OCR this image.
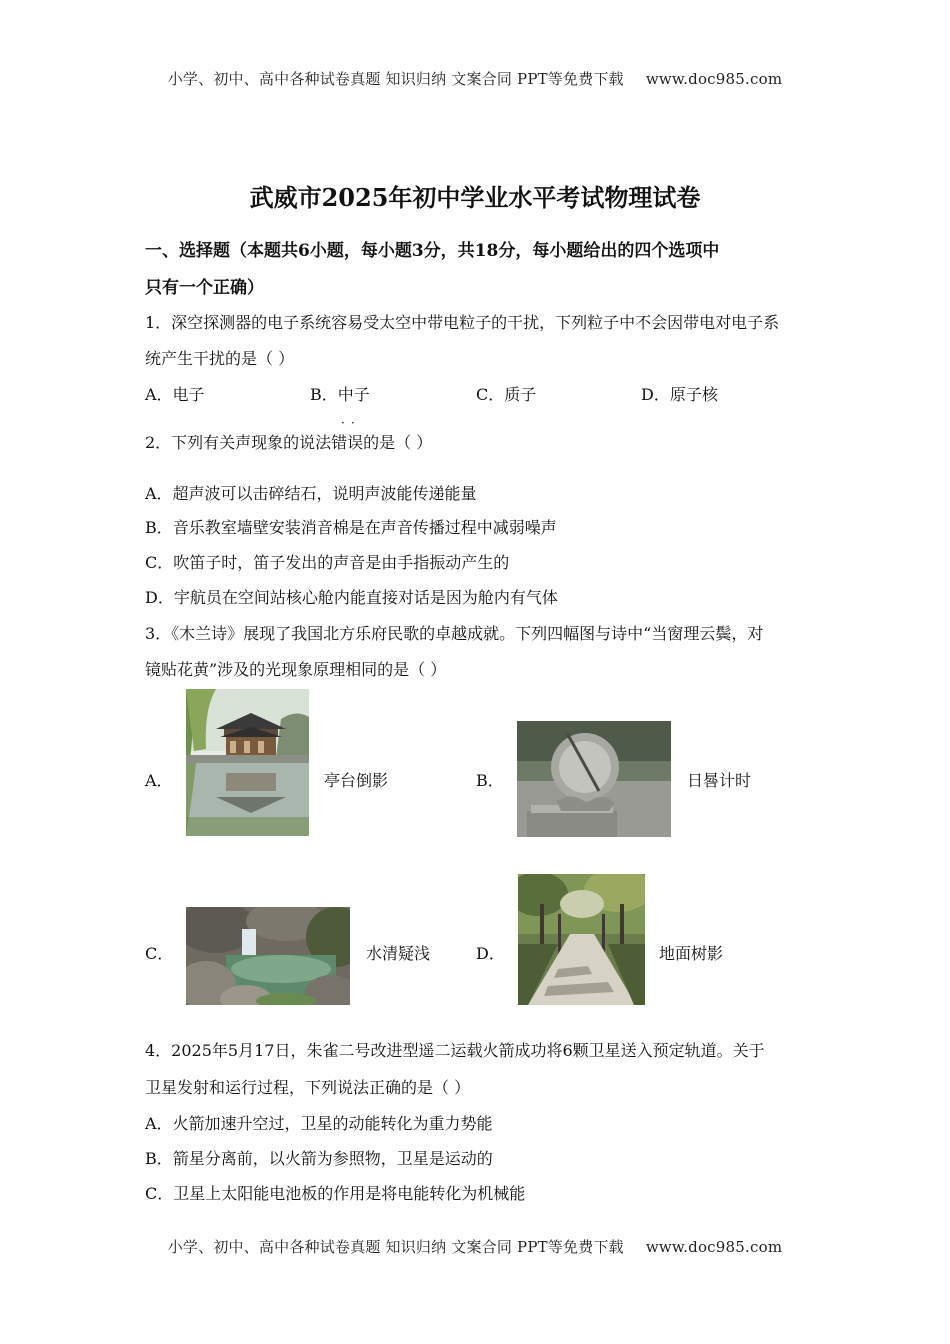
小学、初中、高中各种试卷真题 知识归纳 文案合同 PPT等免费下载 www.doc985.com
武威市2025年初中学业水平考试物理试卷
一、选择题（本题共6小题，每小题3分，共18分，每小题给出的四个选项中
只有一个正确）
1．深空探测器的电子系统容易受太空中带电粒子的干扰，下列粒子中不会因带电对电子系
统产生干扰的是（ ）
A．电子	B．中子	C．质子	D．原子核
··
2．下列有关声现象的说法错误的是（ ）
A．超声波可以击碎结石，说明声波能传递能量
B．音乐教室墙壁安装消音棉是在声音传播过程中减弱噪声
C．吹笛子时，笛子发出的声音是由手指振动产生的
D．宇航员在空间站核心舱内能直接对话是因为舱内有气体
3．《木兰诗》展现了我国北方乐府民歌的卓越成就。下列四幅图与诗中“当窗理云鬓，对
镜贴花黄”涉及的光现象原理相同的是（ ）
A．	亭台倒影	B．	日晷计时
C．	水清疑浅	D．	地面树影
4．2025年5月17日，朱雀二号改进型遥二运载火箭成功将6颗卫星送入预定轨道。关于
卫星发射和运行过程，下列说法正确的是（ ）
A．火箭加速升空过，卫星的动能转化为重力势能
B．箭星分离前，以火箭为参照物，卫星是运动的
C．卫星上太阳能电池板的作用是将电能转化为机械能
小学、初中、高中各种试卷真题 知识归纳 文案合同 PPT等免费下载 www.doc985.com
